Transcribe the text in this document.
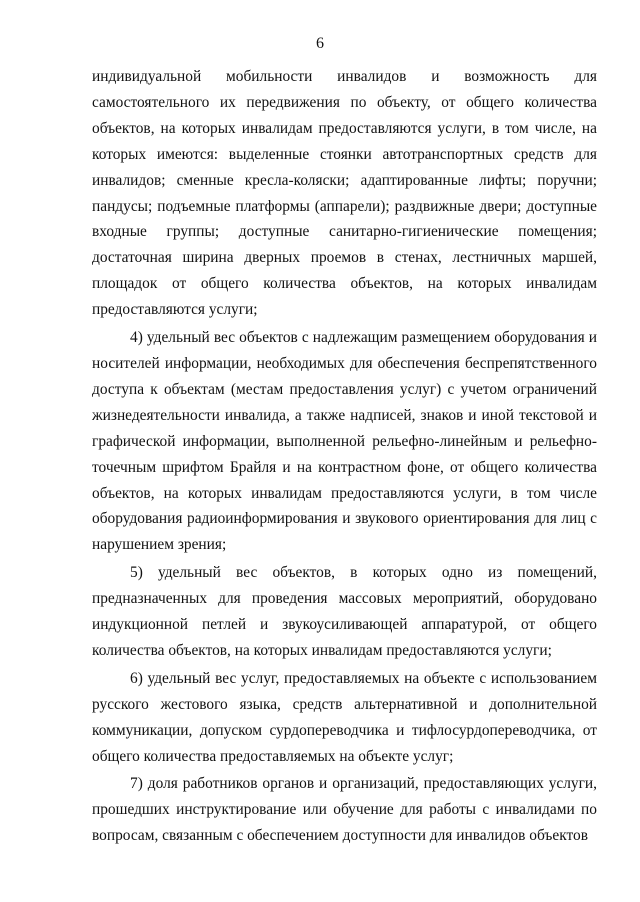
6

индивидуальной мобильности инвалидов и возможность для самостоятельного их передвижения по объекту, от общего количества объектов, на которых инвалидам предоставляются услуги, в том числе, на которых имеются: выделенные стоянки автотранспортных средств для инвалидов; сменные кресла-коляски; адаптированные лифты; поручни; пандусы; подъемные платформы (аппарели); раздвижные двери; доступные входные группы; доступные санитарно-гигиенические помещения; достаточная ширина дверных проемов в стенах, лестничных маршей, площадок от общего количества объектов, на которых инвалидам предоставляются услуги;

4) удельный вес объектов с надлежащим размещением оборудования и носителей информации, необходимых для обеспечения беспрепятственного доступа к объектам (местам предоставления услуг) с учетом ограничений жизнедеятельности инвалида, а также надписей, знаков и иной текстовой и графической информации, выполненной рельефно-линейным и рельефно-точечным шрифтом Брайля и на контрастном фоне, от общего количества объектов, на которых инвалидам предоставляются услуги, в том числе оборудования радиоинформирования и звукового ориентирования для лиц с нарушением зрения;

5) удельный вес объектов, в которых одно из помещений, предназначенных для проведения массовых мероприятий, оборудовано индукционной петлей и звукоусиливающей аппаратурой, от общего количества объектов, на которых инвалидам предоставляются услуги;

6) удельный вес услуг, предоставляемых на объекте с использованием русского жестового языка, средств альтернативной и дополнительной коммуникации, допуском сурдопереводчика и тифлосурдопереводчика, от общего количества предоставляемых на объекте услуг;

7) доля работников органов и организаций, предоставляющих услуги, прошедших инструктирование или обучение для работы с инвалидами по вопросам, связанным с обеспечением доступности для инвалидов объектов
